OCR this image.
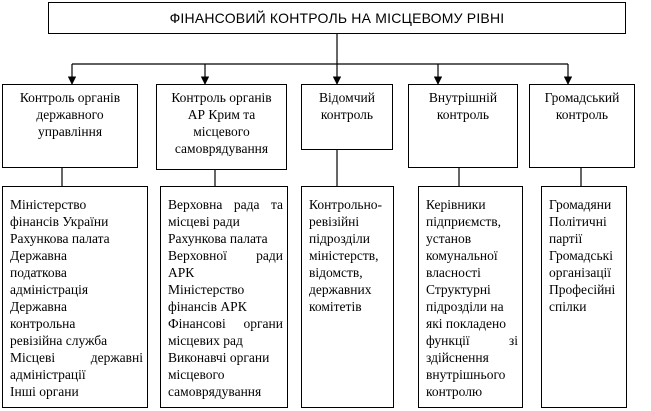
ФІНАНСОВИЙ КОНТРОЛЬ НА МІСЦЕВОМУ РІВНІ
Контроль органів
державного
управління
Контроль органів
АР Крим та
місцевого
самоврядування
Відомчий
контроль
Внутрішній
контроль
Громадський
контроль
Міністерство
фінансів України
Рахункова палата
Державна
податкова
адміністрація
Державна
контрольна
ревізійна служба
Місцеві державні
адміністрації
Інші органи
Верховна рада та
місцеві ради
Рахункова палата
Верховної ради
АРК
Міністерство
фінансів АРК
Фінансові органи
місцевих рад
Виконавчі органи
місцевого
самоврядування
Контрольно-
ревізійні
підрозділи
міністерств,
відомств,
державних
комітетів
Керівники
підприємств,
установ
комунальної
власності
Структурні
підрозділи на
які покладено
функції зі
здійснення
внутрішнього
контролю
Громадяни
Політичні
партії
Громадські
організації
Професійні
спілки
